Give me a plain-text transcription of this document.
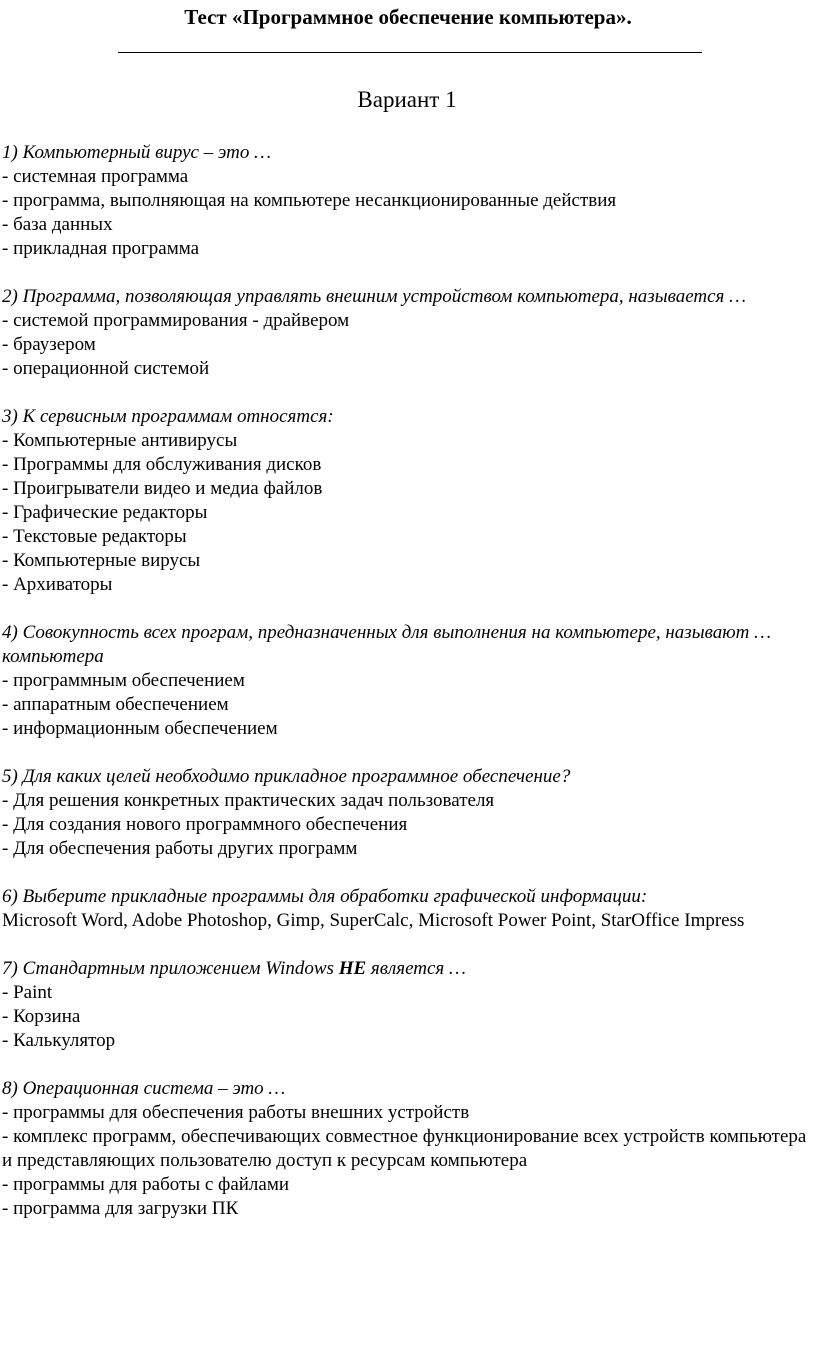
Тест «Программное обеспечение компьютера».
Вариант 1
1) Компьютерный вирус – это …
- системная программа
- программа, выполняющая на компьютере несанкционированные действия
- база данных
- прикладная программа
2) Программа, позволяющая управлять внешним устройством компьютера, называется …
- системой программирования - драйвером
- браузером
- операционной системой
3) К сервисным программам относятся:
- Компьютерные антивирусы
- Программы для обслуживания дисков
- Проигрыватели видео и медиа файлов
- Графические редакторы
- Текстовые редакторы
- Компьютерные вирусы
- Архиваторы
4) Совокупность всех програм, предназначенных для выполнения на компьютере, называют … компьютера
- программным обеспечением
- аппаратным обеспечением
- информационным обеспечением
5) Для каких целей необходимо прикладное программное обеспечение?
- Для решения конкретных практических задач пользователя
- Для создания нового программного обеспечения
- Для обеспечения работы других программ
6) Выберите прикладные программы для обработки графической информации:
Microsoft Word, Adobe Photoshop, Gimp, SuperCalc, Microsoft Power Point, StarOffice Impress
7) Стандартным приложением Windows НЕ является …
- Paint
- Корзина
- Калькулятор
8) Операционная система – это …
- программы для обеспечения работы внешних устройств
- комплекс программ, обеспечивающих совместное функционирование всех устройств компьютера и представляющих пользователю доступ к ресурсам компьютера
- программы для работы с файлами
- программа для загрузки ПК
